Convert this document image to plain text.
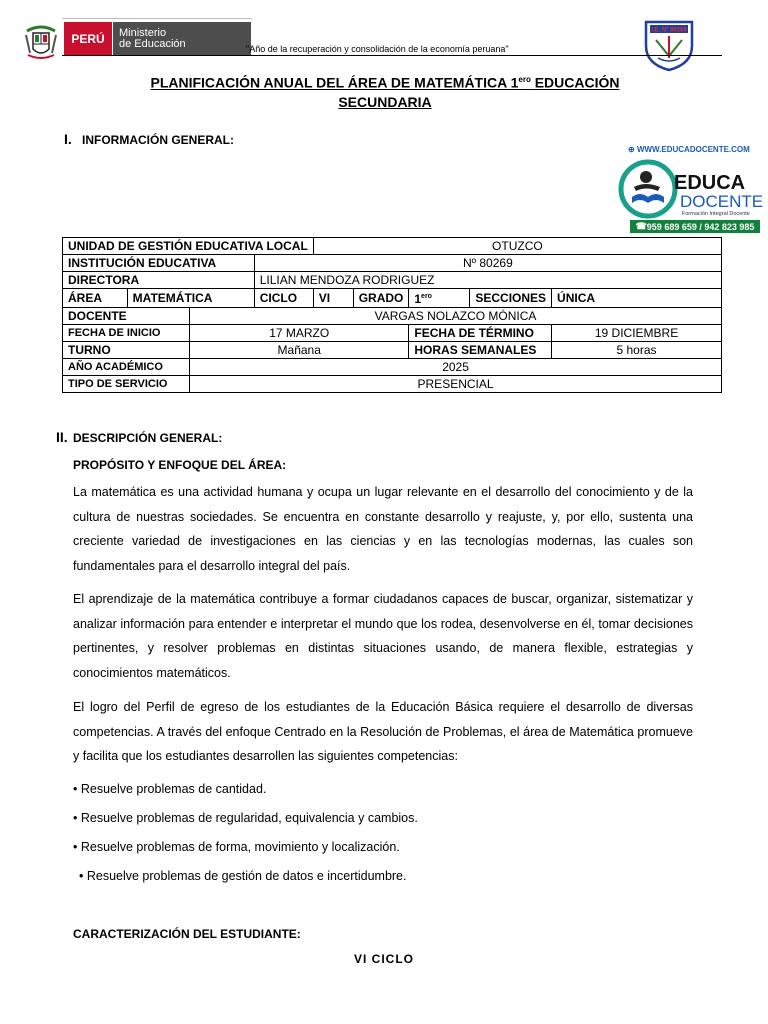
PERÚ	Ministerio
de Educación	"Año de la recuperación y consolidación de la economía peruana"
I.E. Nº 80269
PLANIFICACIÓN ANUAL DEL ÁREA DE MATEMÁTICA $1^{ero}$ EDUCACIÓN
SECUNDARIA
I. INFORMACIÓN GENERAL:
⊕ WWW.EDUCADOCENTE.COM
EDUCA
DOCENTE
Formación Integral Docente
☎ 959 689 659 / 942 823 985
UNIDAD DE GESTIÓN EDUCATIVA LOCAL				OTUZCO				
INSTITUCIÓN EDUCATIVA			Nº 80269					
DIRECTORA			LILIAN MENDOZA RODRIGUEZ					
ÁREA	MATEMÁTICA		CICLO	VI	GRADO	$1^{ero}$	SECCIONES	ÚNICA
DOCENTE		VARGAS NOLAZCO MÓNICA						
FECHA DE INICIO		17 MARZO				FECHA DE TÉRMINO		19 DICIEMBRE
TURNO		Mañana				HORAS SEMANALES		5 horas
AÑO ACADÉMICO		2025						
TIPO DE SERVICIO		PRESENCIAL						
II. DESCRIPCIÓN GENERAL:
PROPÓSITO Y ENFOQUE DEL ÁREA:
La matemática es una actividad humana y ocupa un lugar relevante en el desarrollo del conocimiento y de la cultura de nuestras sociedades. Se encuentra en constante desarrollo y reajuste, y, por ello, sustenta una creciente variedad de investigaciones en las ciencias y en las tecnologías modernas, las cuales son fundamentales para el desarrollo integral del país.
El aprendizaje de la matemática contribuye a formar ciudadanos capaces de buscar, organizar, sistematizar y analizar información para entender e interpretar el mundo que los rodea, desenvolverse en él, tomar decisiones pertinentes, y resolver problemas en distintas situaciones usando, de manera flexible, estrategias y conocimientos matemáticos.
El logro del Perfil de egreso de los estudiantes de la Educación Básica requiere el desarrollo de diversas competencias. A través del enfoque Centrado en la Resolución de Problemas, el área de Matemática promueve y facilita que los estudiantes desarrollen las siguientes competencias:
• Resuelve problemas de cantidad.
• Resuelve problemas de regularidad, equivalencia y cambios.
• Resuelve problemas de forma, movimiento y localización.
• Resuelve problemas de gestión de datos e incertidumbre.
CARACTERIZACIÓN DEL ESTUDIANTE:
VI CICLO
